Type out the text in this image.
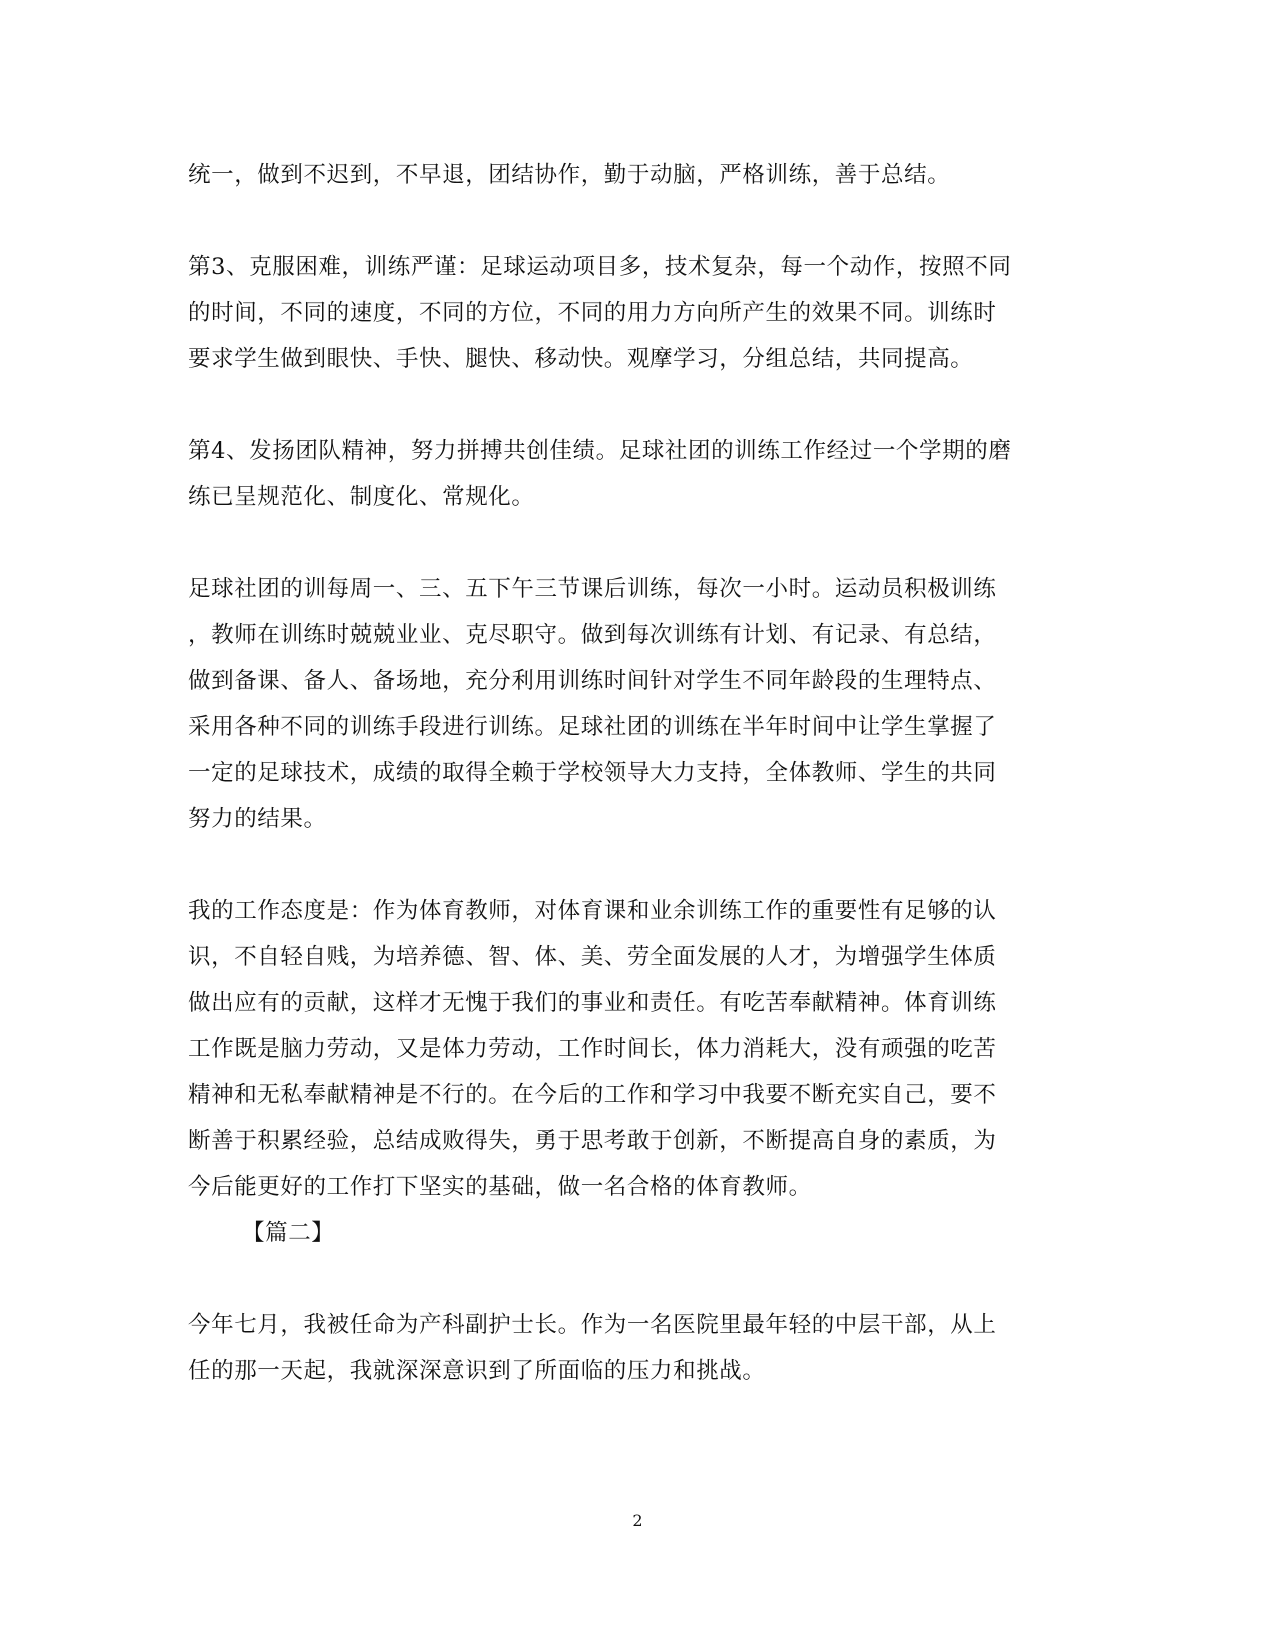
统一，做到不迟到，不早退，团结协作，勤于动脑，严格训练，善于总结。
第3、克服困难，训练严谨：足球运动项目多，技术复杂，每一个动作，按照不同
的时间，不同的速度，不同的方位，不同的用力方向所产生的效果不同。训练时
要求学生做到眼快、手快、腿快、移动快。观摩学习，分组总结，共同提高。
第4、发扬团队精神，努力拼搏共创佳绩。足球社团的训练工作经过一个学期的磨
练已呈规范化、制度化、常规化。
足球社团的训每周一、三、五下午三节课后训练，每次一小时。运动员积极训练
，教师在训练时兢兢业业、克尽职守。做到每次训练有计划、有记录、有总结，
做到备课、备人、备场地，充分利用训练时间针对学生不同年龄段的生理特点、
采用各种不同的训练手段进行训练。足球社团的训练在半年时间中让学生掌握了
一定的足球技术，成绩的取得全赖于学校领导大力支持，全体教师、学生的共同
努力的结果。
我的工作态度是：作为体育教师，对体育课和业余训练工作的重要性有足够的认
识，不自轻自贱，为培养德、智、体、美、劳全面发展的人才，为增强学生体质
做出应有的贡献，这样才无愧于我们的事业和责任。有吃苦奉献精神。体育训练
工作既是脑力劳动，又是体力劳动，工作时间长，体力消耗大，没有顽强的吃苦
精神和无私奉献精神是不行的。在今后的工作和学习中我要不断充实自己，要不
断善于积累经验，总结成败得失，勇于思考敢于创新，不断提高自身的素质，为
今后能更好的工作打下坚实的基础，做一名合格的体育教师。
【篇二】
今年七月，我被任命为产科副护士长。作为一名医院里最年轻的中层干部，从上
任的那一天起，我就深深意识到了所面临的压力和挑战。
2
